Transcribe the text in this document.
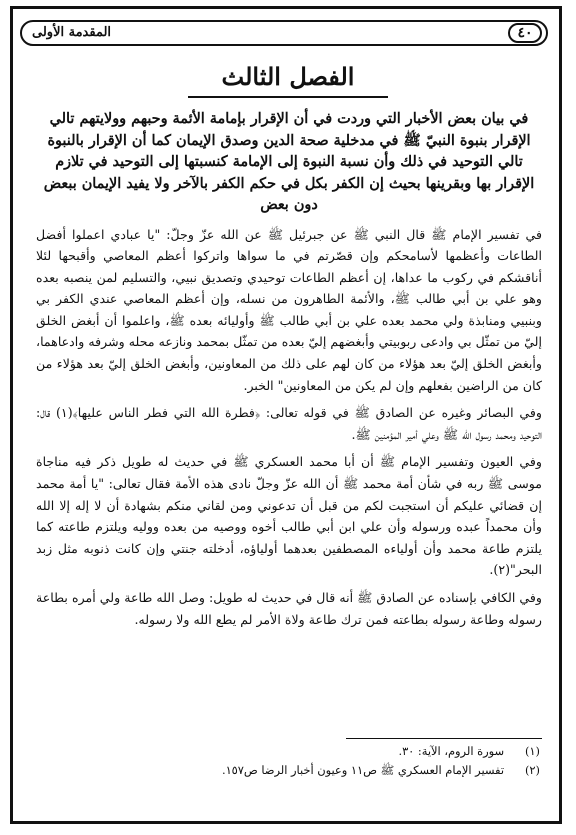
٤٠
المقدمة الأولى
الفصل الثالث

في بيان بعض الأخبار التي وردت في أن الإقرار بإمامة الأئمة وحبهم وولايتهم تالي الإقرار بنبوة النبيّ ﷺ في مدخلية صحة الدين وصدق الإيمان كما أن الإقرار بالنبوة تالي التوحيد في ذلك وأن نسبة النبوة إلى الإمامة كنسبتها إلى التوحيد في تلازم الإقرار بها وبقرينها بحيث إن الكفر بكل في حكم الكفر بالآخر ولا يفيد الإيمان ببعض دون بعض

في تفسير الإمام ﷺ قال النبي ﷺ عن جبرئيل ﷺ عن الله عزّ وجلّ: "يا عبادي اعملوا أفضل الطاعات وأعظمها لأسامحكم وإن قصّرتم في ما سواها واتركوا أعظم المعاصي وأقبحها لئلا أناقشكم في ركوب ما عداها، إن أعظم الطاعات توحيدي وتصديق نبيي، والتسليم لمن ينصبه بعده وهو علي بن أبي طالب ﷺ، والأئمة الطاهرون من نسله، وإن أعظم المعاصي عندي الكفر بي وبنبيي ومنابذة ولي محمد بعده علي بن أبي طالب ﷺ وأوليائه بعده ﷺ، واعلموا أن أبغض الخلق إليّ من تمثّل بي وادعى ربوبيتي وأبغضهم إليّ بعده من تمثّل بمحمد ونازعه محله وشرفه وادعاهما، وأبغض الخلق إليّ بعد هؤلاء من كان لهم على ذلك من المعاونين، وأبغض الخلق إليّ بعد هؤلاء من كان من الراضين بفعلهم وإن لم يكن من المعاونين" الخبر.

وفي البصائر وغيره عن الصادق ﷺ في قوله تعالى: ﴿فطرة الله التي فطر الناس عليها﴾(١) قال: التوحيد ومحمد رسول الله ﷺ وعلي أمير المؤمنين ﷺ.

وفي العيون وتفسير الإمام ﷺ أن أبا محمد العسكري ﷺ في حديث له طويل ذكر فيه مناجاة موسى ﷺ ربه في شأن أمة محمد ﷺ أن الله عزّ وجلّ نادى هذه الأمة فقال تعالى: "يا أمة محمد إن قضائي عليكم أن استجبت لكم من قبل أن تدعوني ومن لقاني منكم بشهادة أن لا إله إلا الله وأن محمداً عبده ورسوله وأن علي ابن أبي طالب أخوه ووصيه من بعده ووليه ويلتزم طاعته كما يلتزم طاعة محمد وأن أولياءه المصطفين بعدهما أولياؤه، أدخلته جنتي وإن كانت ذنوبه مثل زبد البحر"(٢).

وفي الكافي بإسناده عن الصادق ﷺ أنه قال في حديث له طويل: وصل الله طاعة ولي أمره بطاعة رسوله وطاعة رسوله بطاعته فمن ترك طاعة ولاة الأمر لم يطع الله ولا رسوله.

(١)
سورة الروم، الآية: ٣٠.
(٢)
تفسير الإمام العسكري ﷺ ص١١ وعيون أخبار الرضا ص١٥٧.
